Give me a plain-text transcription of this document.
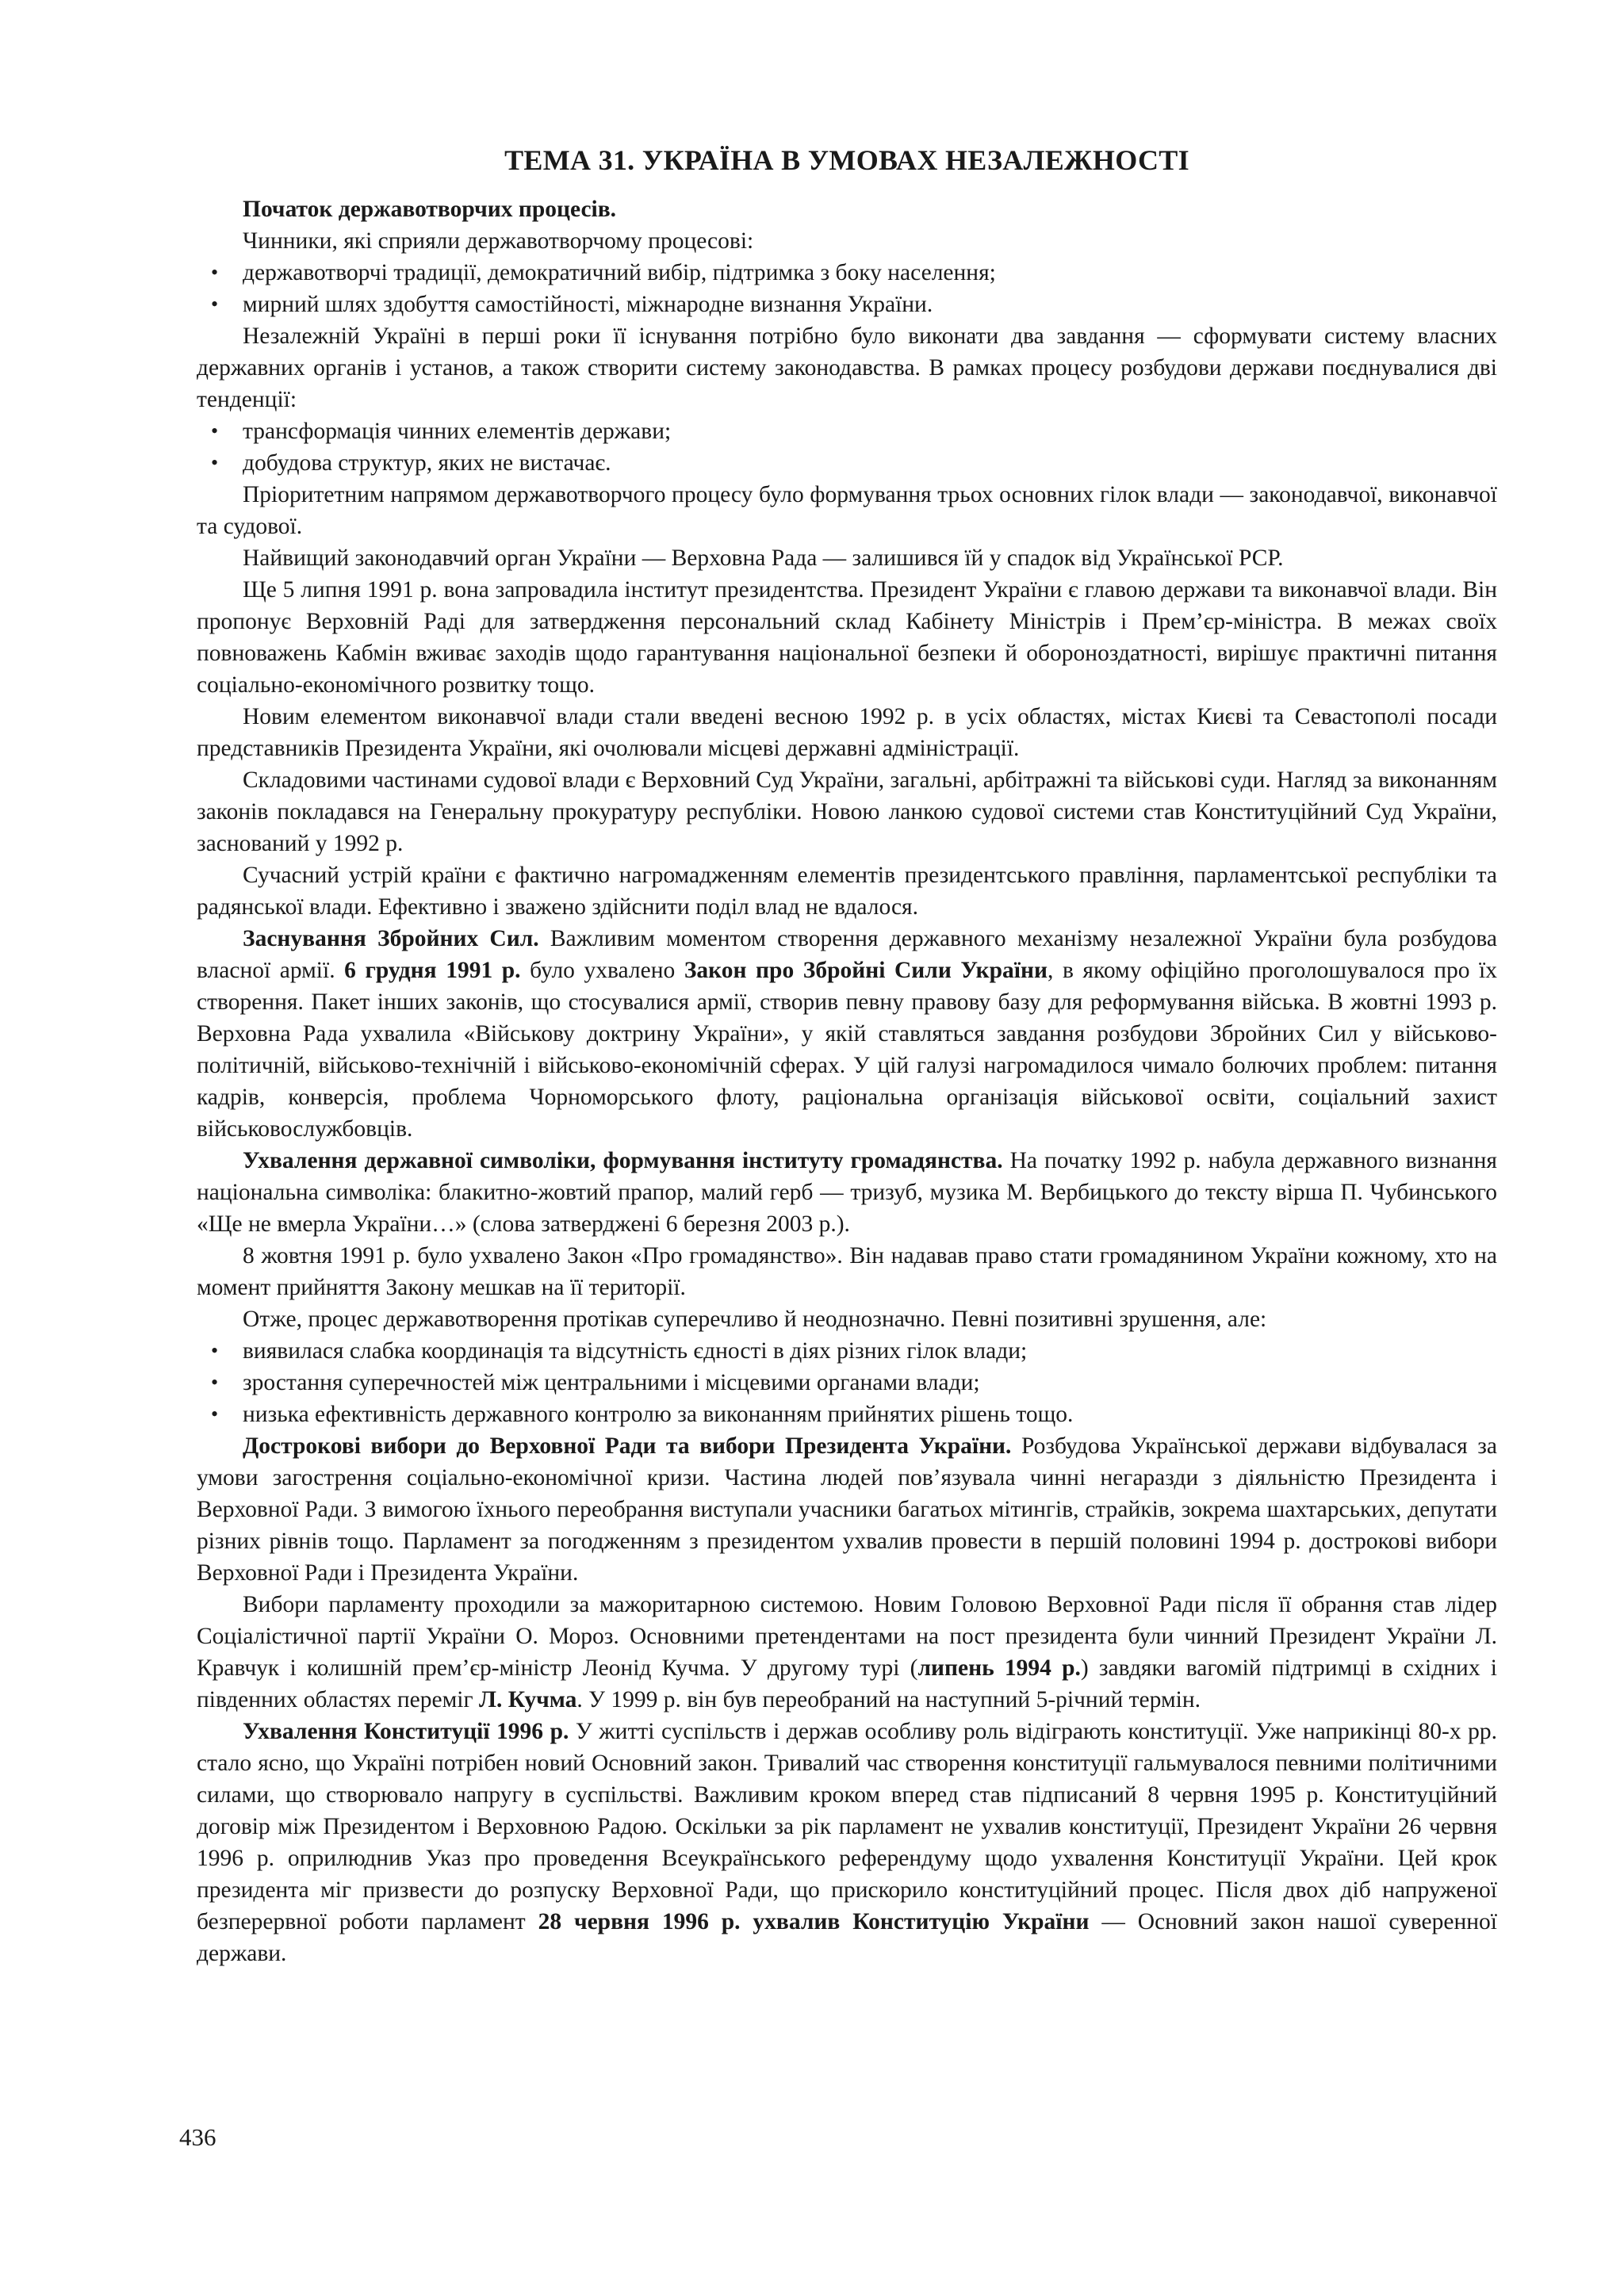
ТЕМА 31. УКРАЇНА В УМОВАХ НЕЗАЛЕЖНОСТІ

Початок державотворчих процесів.

Чинники, які сприяли державотворчому процесові:

• державотворчі традиції, демократичний вибір, підтримка з боку населення;
• мирний шлях здобуття самостійності, міжнародне визнання України.

Незалежній Україні в перші роки її існування потрібно було виконати два завдання — сформувати систему власних державних органів і установ, а також створити систему законодавства. В рамках процесу розбудови держави поєднувалися дві тенденції:

• трансформація чинних елементів держави;
• добудова структур, яких не вистачає.

Пріоритетним напрямом державотворчого процесу було формування трьох основних гілок влади — законодавчої, виконавчої та судової.

Найвищий законодавчий орган України — Верховна Рада — залишився їй у спадок від Української РСР.

Ще 5 липня 1991 р. вона запровадила інститут президентства. Президент України є главою держави та виконавчої влади. Він пропонує Верховній Раді для затвердження персональний склад Кабінету Міністрів і Прем’єр-міністра. В межах своїх повноважень Кабмін вживає заходів щодо гарантування національної безпеки й обороноздатності, вирішує практичні питання соціально-економічного розвитку тощо.

Новим елементом виконавчої влади стали введені весною 1992 р. в усіх областях, містах Києві та Севастополі посади представників Президента України, які очолювали місцеві державні адміністрації.

Складовими частинами судової влади є Верховний Суд України, загальні, арбітражні та військові суди. Нагляд за виконанням законів покладався на Генеральну прокуратуру республіки. Новою ланкою судової системи став Конституційний Суд України, заснований у 1992 р.

Сучасний устрій країни є фактично нагромадженням елементів президентського правління, парламентської республіки та радянської влади. Ефективно і зважено здійснити поділ влад не вдалося.

Заснування Збройних Сил. Важливим моментом створення державного механізму незалежної України була розбудова власної армії. 6 грудня 1991 р. було ухвалено Закон про Збройні Сили України, в якому офіційно проголошувалося про їх створення. Пакет інших законів, що стосувалися армії, створив певну правову базу для реформування війська. В жовтні 1993 р. Верховна Рада ухвалила «Військову доктрину України», у якій ставляться завдання розбудови Збройних Сил у військово-політичній, військово-технічній і військово-економічній сферах. У цій галузі нагромадилося чимало болючих проблем: питання кадрів, конверсія, проблема Чорноморського флоту, раціональна організація військової освіти, соціальний захист військовослужбовців.

Ухвалення державної символіки, формування інституту громадянства. На початку 1992 р. набула державного визнання національна символіка: блакитно-жовтий прапор, малий герб — тризуб, музика М. Вербицького до тексту вірша П. Чубинського «Ще не вмерла України…» (слова затверджені 6 березня 2003 р.).

8 жовтня 1991 р. було ухвалено Закон «Про громадянство». Він надавав право стати громадянином України кожному, хто на момент прийняття Закону мешкав на її території.

Отже, процес державотворення протікав суперечливо й неоднозначно. Певні позитивні зрушення, але:

• виявилася слабка координація та відсутність єдності в діях різних гілок влади;
• зростання суперечностей між центральними і місцевими органами влади;
• низька ефективність державного контролю за виконанням прийнятих рішень тощо.

Дострокові вибори до Верховної Ради та вибори Президента України. Розбудова Української держави відбувалася за умови загострення соціально-економічної кризи. Частина людей пов’язувала чинні негаразди з діяльністю Президента і Верховної Ради. З вимогою їхнього переобрання виступали учасники багатьох мітингів, страйків, зокрема шахтарських, депутати різних рівнів тощо. Парламент за погодженням з президентом ухвалив провести в першій половині 1994 р. дострокові вибори Верховної Ради і Президента України.

Вибори парламенту проходили за мажоритарною системою. Новим Головою Верховної Ради після її обрання став лідер Соціалістичної партії України О. Мороз. Основними претендентами на пост президента були чинний Президент України Л. Кравчук і колишній прем’єр-міністр Леонід Кучма. У другому турі (липень 1994 р.) завдяки вагомій підтримці в східних і південних областях переміг Л. Кучма. У 1999 р. він був переобраний на наступний 5-річний термін.

Ухвалення Конституції 1996 р. У житті суспільств і держав особливу роль відіграють конституції. Уже наприкінці 80-х рр. стало ясно, що Україні потрібен новий Основний закон. Тривалий час створення конституції гальмувалося певними політичними силами, що створювало напругу в суспільстві. Важливим кроком вперед став підписаний 8 червня 1995 р. Конституційний договір між Президентом і Верховною Радою. Оскільки за рік парламент не ухвалив конституції, Президент України 26 червня 1996 р. оприлюднив Указ про проведення Всеукраїнського референдуму щодо ухвалення Конституції України. Цей крок президента міг призвести до розпуску Верховної Ради, що прискорило конституційний процес. Після двох діб напруженої безперервної роботи парламент 28 червня 1996 р. ухвалив Конституцію України — Основний закон нашої суверенної держави.

436
